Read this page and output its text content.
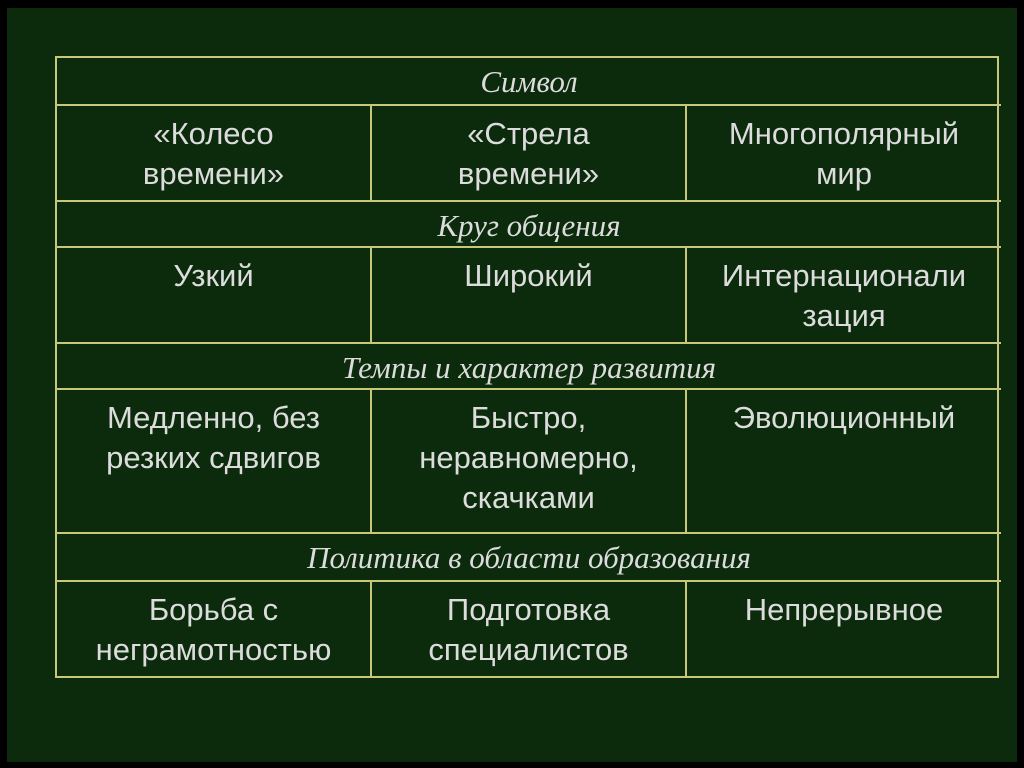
Символ
«Колесо
времени»
«Стрела
времени»
Многополярный
мир
Круг общения
Узкий	Широкий	Интернационали
зация
Темпы и характер развития
Медленно, без
резких сдвигов
Быстро,
неравномерно,
скачками
Эволюционный
Политика в области образования
Борьба с
неграмотностью
Подготовка
специалистов
Непрерывное
